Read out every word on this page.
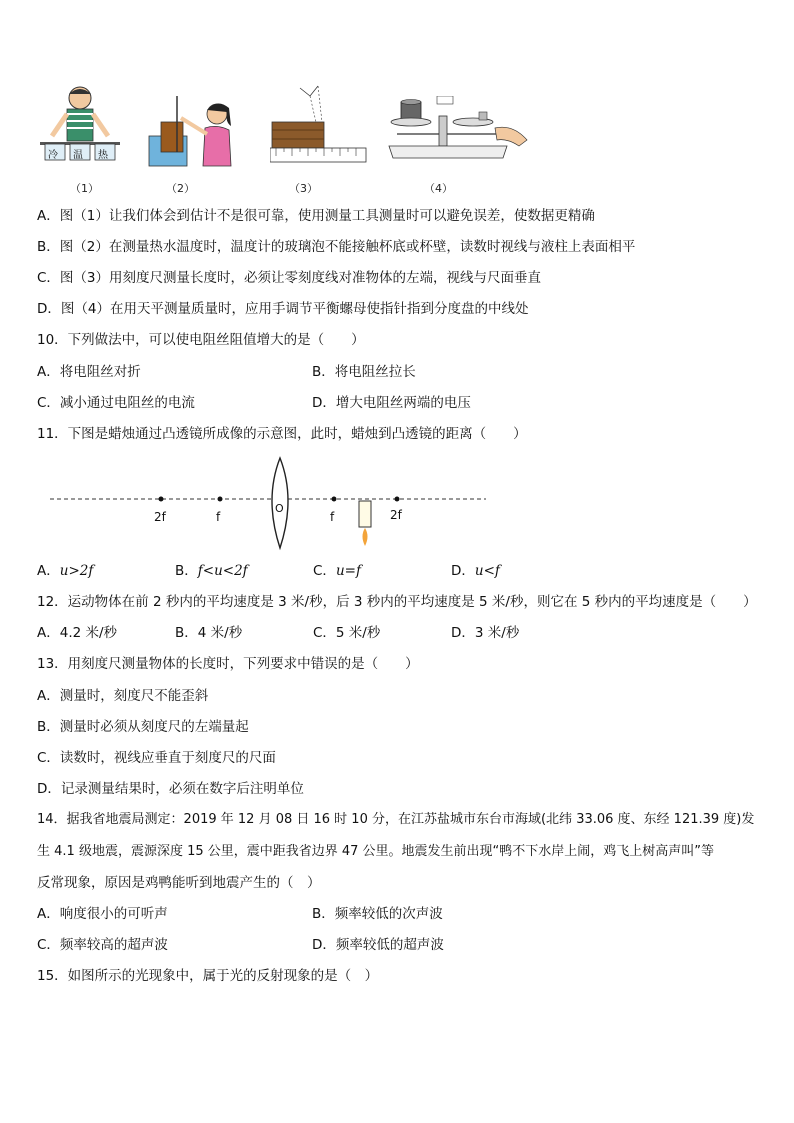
冷 温 热
（1）	（2）	（3）	（4）
A．图（1）让我们体会到估计不是很可靠，使用测量工具测量时可以避免误差，使数据更精确
B．图（2）在测量热水温度时，温度计的玻璃泡不能接触杯底或杯壁，读数时视线与液柱上表面相平
C．图（3）用刻度尺测量长度时，必须让零刻度线对准物体的左端，视线与尺面垂直
D．图（4）在用天平测量质量时，应用手调节平衡螺母使指针指到分度盘的中线处
10．下列做法中，可以使电阻丝阻值增大的是（　　）
A．将电阻丝对折	B．将电阻丝拉长
C．减小通过电阻丝的电流	D．增大电阻丝两端的电压
11．下图是蜡烛通过凸透镜所成像的示意图，此时，蜡烛到凸透镜的距离（　　）
2f	f
O
f	2f
A．u>2f	B．f<u<2f	C．u=f	D．u<f
12．运动物体在前 2 秒内的平均速度是 3 米/秒，后 3 秒内的平均速度是 5 米/秒，则它在 5 秒内的平均速度是（　　）
A．4.2 米/秒	B．4 米/秒	C．5 米/秒	D．3 米/秒
13．用刻度尺测量物体的长度时，下列要求中错误的是（　　）
A．测量时，刻度尺不能歪斜
B．测量时必须从刻度尺的左端量起
C．读数时，视线应垂直于刻度尺的尺面
D．记录测量结果时，必须在数字后注明单位
14．据我省地震局测定：2019 年 12 月 08 日 16 时 10 分，在江苏盐城市东台市海域(北纬 33.06 度、东经 121.39 度)发
生 4.1 级地震，震源深度 15 公里，震中距我省边界 47 公里。地震发生前出现“鸭不下水岸上闹，鸡飞上树高声叫”等
反常现象，原因是鸡鸭能听到地震产生的（　）
A．响度很小的可听声	B．频率较低的次声波
C．频率较高的超声波	D．频率较低的超声波
15．如图所示的光现象中，属于光的反射现象的是（　）
